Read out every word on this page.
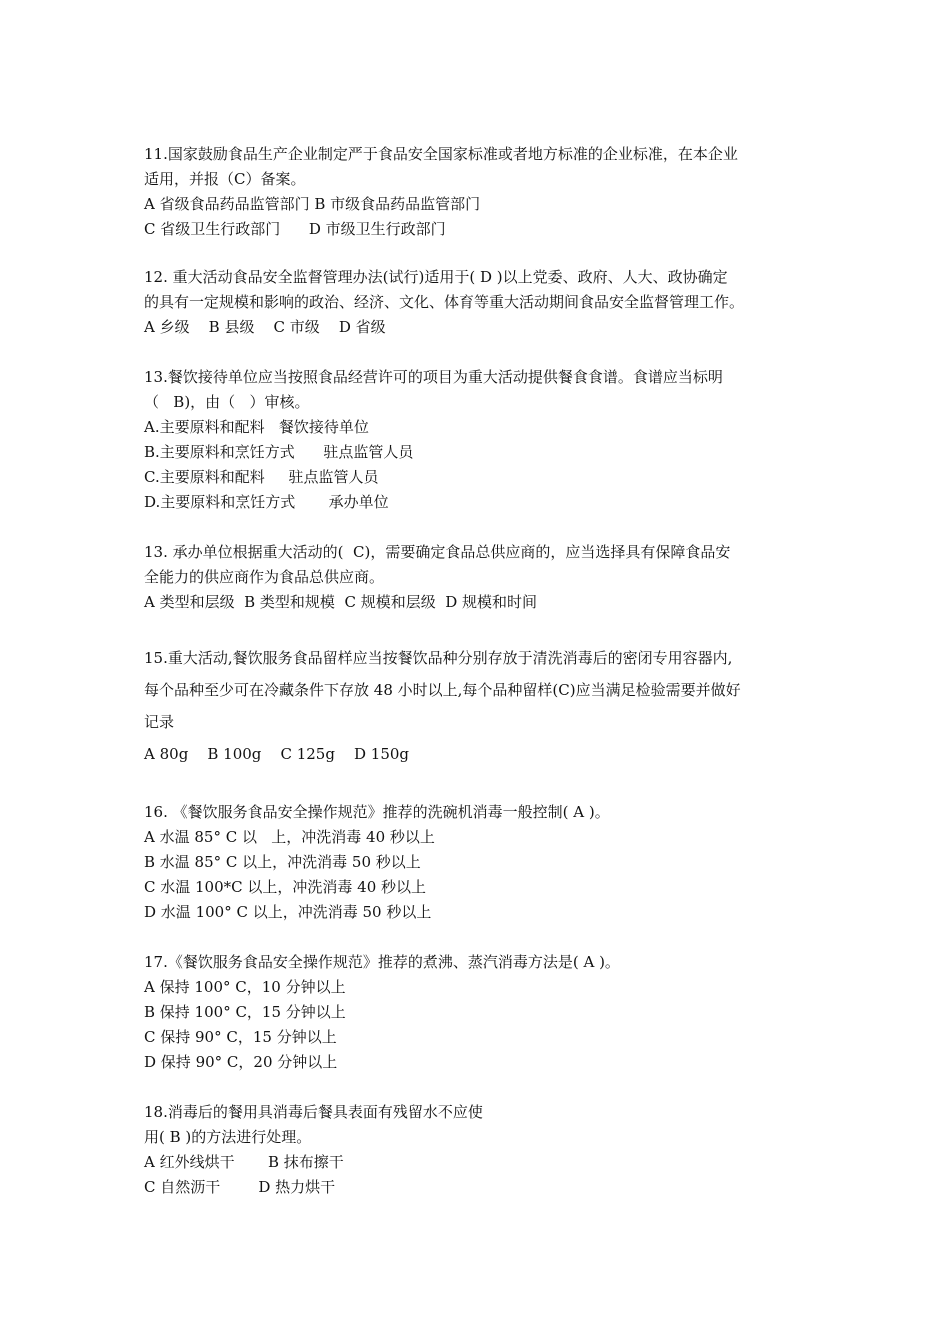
11.国家鼓励食品生产企业制定严于食品安全国家标准或者地方标准的企业标准，在本企业
适用，并报（C）备案。
A 省级食品药品监管部门 B 市级食品药品监管部门
C 省级卫生行政部门      D 市级卫生行政部门
12. 重大活动食品安全监督管理办法(试行)适用于( D )以上党委、政府、人大、政协确定
的具有一定规模和影响的政治、经济、文化、体育等重大活动期间食品安全监督管理工作。
A 乡级    B 县级    C 市级    D 省级
13.餐饮接待单位应当按照食品经营许可的项目为重大活动提供餐食食谱。食谱应当标明
（   B)，由（   ）审核。
A.主要原料和配料   餐饮接待单位
B.主要原料和烹饪方式      驻点监管人员
C.主要原料和配料     驻点监管人员
D.主要原料和烹饪方式       承办单位
13. 承办单位根据重大活动的(  C)，需要确定食品总供应商的，应当选择具有保障食品安
全能力的供应商作为食品总供应商。
A 类型和层级  B 类型和规模  C 规模和层级  D 规模和时间
15.重大活动,餐饮服务食品留样应当按餐饮品种分别存放于清洗消毒后的密闭专用容器内,
每个品种至少可在冷藏条件下存放 48 小时以上,每个品种留样(C)应当满足检验需要并做好
记录
A 80g    B 100g    C 125g    D 150g
16. 《餐饮服务食品安全操作规范》推荐的洗碗机消毒一般控制( A )。
A 水温 85° C 以   上，冲洗消毒 40 秒以上
B 水温 85° C 以上，冲洗消毒 50 秒以上
C 水温 100*C 以上，冲洗消毒 40 秒以上
D 水温 100° C 以上，冲洗消毒 50 秒以上
17.《餐饮服务食品安全操作规范》推荐的煮沸、蒸汽消毒方法是( A )。
A 保持 100° C，10 分钟以上
B 保持 100° C，15 分钟以上
C 保持 90° C，15 分钟以上
D 保持 90° C，20 分钟以上
18.消毒后的餐用具消毒后餐具表面有残留水不应使
用( B )的方法进行处理。
A 红外线烘干       B 抹布擦干
C 自然沥干        D 热力烘干
